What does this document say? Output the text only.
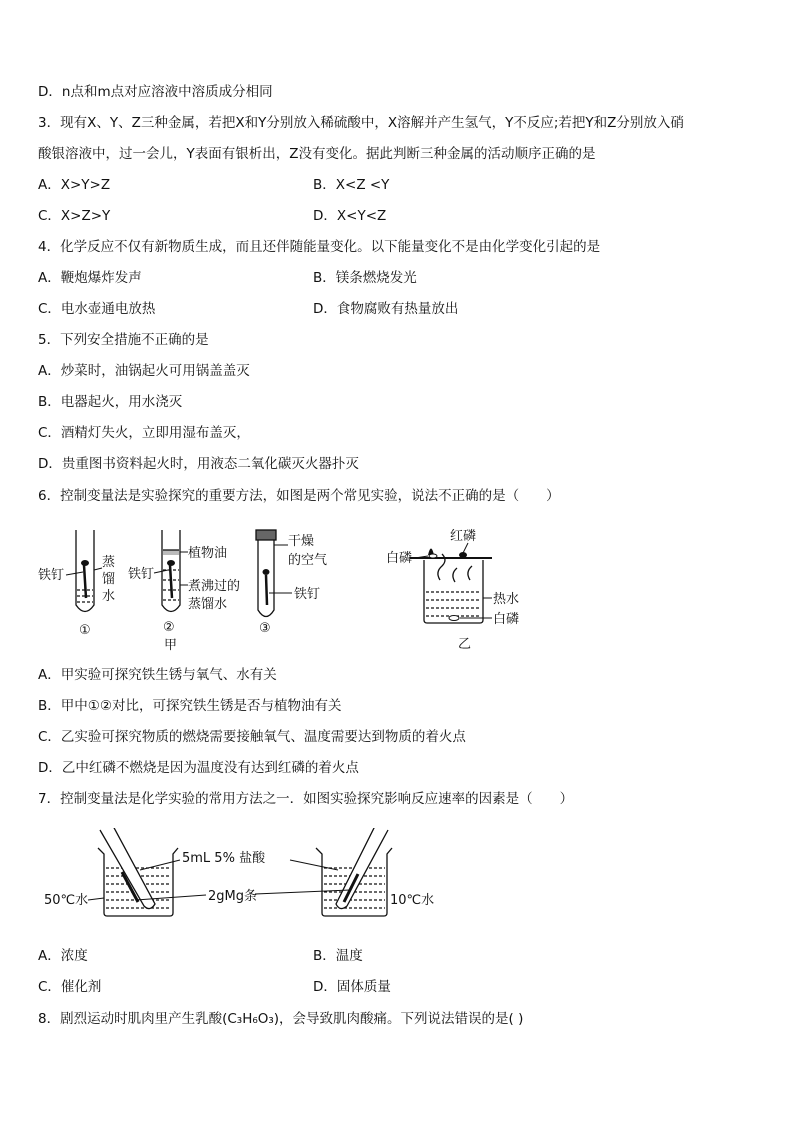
D．n点和m点对应溶液中溶质成分相同
3．现有X、Y、Z三种金属，若把X和Y分别放入稀硫酸中，X溶解并产生氢气，Y不反应;若把Y和Z分别放入硝
酸银溶液中，过一会儿，Y表面有银析出，Z没有变化。据此判断三种金属的活动顺序正确的是
A．X>Y>Z	B．X<Z <Y
C．X>Z>Y	D．X<Y<Z
4．化学反应不仅有新物质生成，而且还伴随能量变化。以下能量变化不是由化学变化引起的是
A．鞭炮爆炸发声	B．镁条燃烧发光
C．电水壶通电放热	D．食物腐败有热量放出
5．下列安全措施不正确的是
A．炒菜时，油锅起火可用锅盖盖灭
B．电器起火，用水浇灭
C．酒精灯失火，立即用湿布盖灭，
D．贵重图书资料起火时，用液态二氧化碳灭火器扑灭
6．控制变量法是实验探究的重要方法，如图是两个常见实验，说法不正确的是（　　）
铁钉
蒸
馏
水
①
铁钉
植物油
煮沸过的
蒸馏水
②
甲
干燥
的空气
铁钉
③
红磷
白磷
热水
白磷
乙
A．甲实验可探究铁生锈与氧气、水有关
B．甲中①②对比，可探究铁生锈是否与植物油有关
C．乙实验可探究物质的燃烧需要接触氧气、温度需要达到物质的着火点
D．乙中红磷不燃烧是因为温度没有达到红磷的着火点
7．控制变量法是化学实验的常用方法之一．如图实验探究影响反应速率的因素是（　　）
50℃水	10℃水
5mL 5% 盐酸
2gMg条
A．浓度	B．温度
C．催化剂	D．固体质量
8．剧烈运动时肌肉里产生乳酸(C₃H₆O₃)，会导致肌肉酸痛。下列说法错误的是( )
